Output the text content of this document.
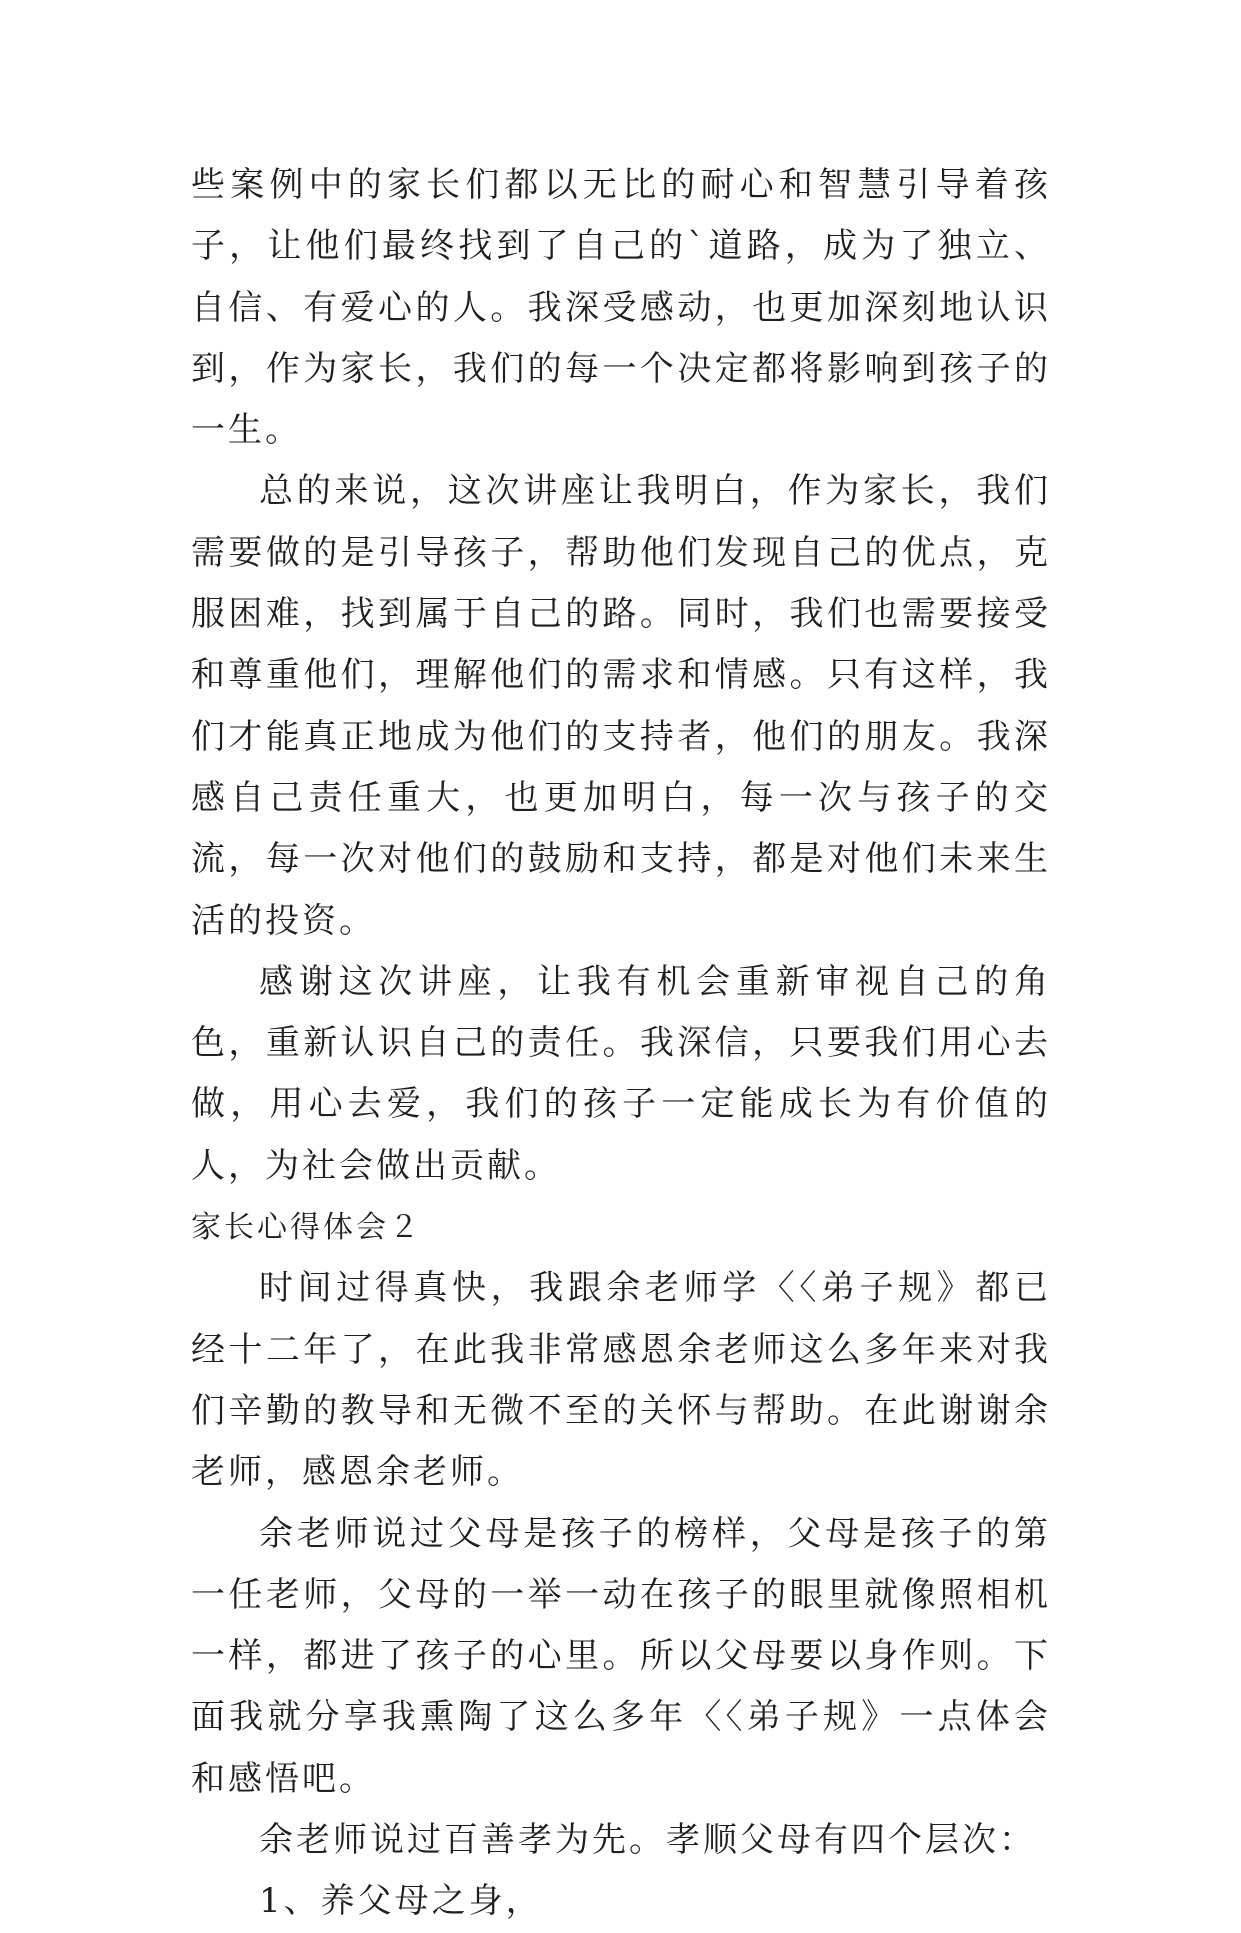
些案例中的家长们都以无比的耐心和智慧引导着孩子，让他们最终找到了自己的`道路，成为了独立、自信、有爱心的人。我深受感动，也更加深刻地认识到，作为家长，我们的每一个决定都将影响到孩子的一生。

总的来说，这次讲座让我明白，作为家长，我们需要做的是引导孩子，帮助他们发现自己的优点，克服困难，找到属于自己的路。同时，我们也需要接受和尊重他们，理解他们的需求和情感。只有这样，我们才能真正地成为他们的支持者，他们的朋友。我深感自己责任重大，也更加明白，每一次与孩子的交流，每一次对他们的鼓励和支持，都是对他们未来生活的投资。

感谢这次讲座，让我有机会重新审视自己的角色，重新认识自己的责任。我深信，只要我们用心去做，用心去爱，我们的孩子一定能成长为有价值的人，为社会做出贡献。

家长心得体会２

时间过得真快，我跟余老师学〈〈弟子规》都已经十二年了，在此我非常感恩余老师这么多年来对我们辛勤的教导和无微不至的关怀与帮助。在此谢谢余老师，感恩余老师。

余老师说过父母是孩子的榜样，父母是孩子的第一任老师，父母的一举一动在孩子的眼里就像照相机一样，都进了孩子的心里。所以父母要以身作则。下面我就分享我熏陶了这么多年〈〈弟子规》一点体会和感悟吧。

余老师说过百善孝为先。孝顺父母有四个层次：

1、养父母之身，
